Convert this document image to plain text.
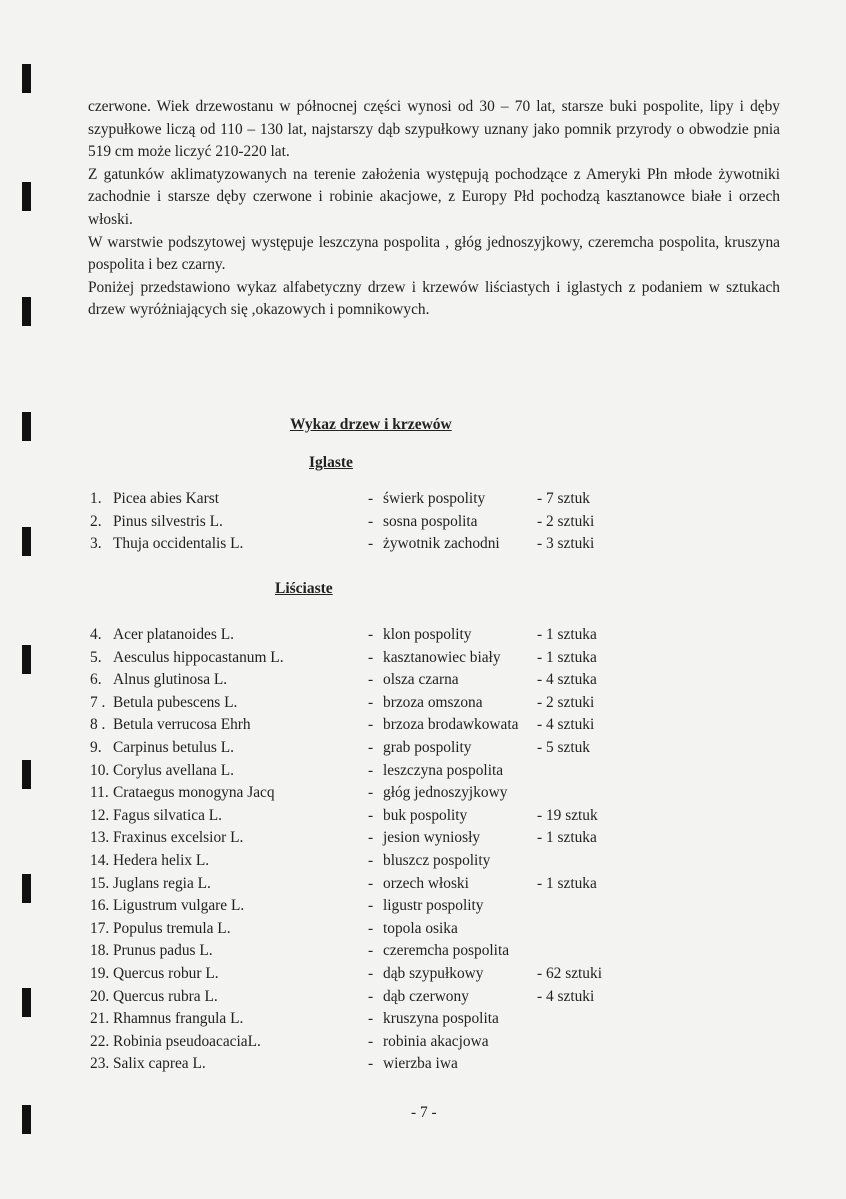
czerwone. Wiek drzewostanu w północnej części wynosi od 30 – 70 lat, starsze buki pospolite, lipy i dęby szypułkowe liczą od 110 – 130 lat, najstarszy dąb szypułkowy uznany jako pomnik przyrody o obwodzie pnia 519 cm może liczyć 210-220 lat.

Z gatunków aklimatyzowanych na terenie założenia występują pochodzące z Ameryki Płn młode żywotniki zachodnie i starsze dęby czerwone i robinie akacjowe, z Europy Płd pochodzą kasztanowce białe i orzech włoski.

W warstwie podszytowej występuje leszczyna pospolita , głóg jednoszyjkowy, czeremcha pospolita, kruszyna pospolita i bez czarny.

Poniżej przedstawiono wykaz alfabetyczny drzew i krzewów liściastych i iglastych z podaniem w sztukach drzew wyróżniających się ,okazowych i pomnikowych.

Wykaz drzew i krzewów
Iglaste
Liściaste
1. Picea abies Karst	- świerk pospolity	- 7 sztuk
2. Pinus silvestris L.	- sosna pospolita	- 2 sztuki
3. Thuja occidentalis L.	- żywotnik zachodni - 3 sztuki
4. Acer platanoides L.	- klon pospolity	- 1 sztuka
5. Aesculus hippocastanum L.	- kasztanowiec biały - 1 sztuka
6. Alnus glutinosa L.	- olsza czarna	- 4 sztuka
7 . Betula pubescens L.	- brzoza omszona	- 2 sztuki
8 . Betula verrucosa Ehrh	- brzoza brodawkowata - 4 sztuki
9. Carpinus betulus L.	- grab pospolity	- 5 sztuk
10. Corylus avellana L.	- leszczyna pospolita
11. Crataegus monogyna Jacq	- głóg jednoszyjkowy
12. Fagus silvatica L.	- buk pospolity	- 19 sztuk
13. Fraxinus excelsior L.	- jesion wyniosły	- 1 sztuka
14. Hedera helix L.	- bluszcz pospolity
15. Juglans regia L.	- orzech włoski	- 1 sztuka
16. Ligustrum vulgare L.	- ligustr pospolity
17. Populus tremula L.	- topola osika
18. Prunus padus L.	- czeremcha pospolita
19. Quercus robur L.	- dąb szypułkowy	- 62 sztuki
20. Quercus rubra L.	- dąb czerwony	- 4 sztuki
21. Rhamnus frangula L.	- kruszyna pospolita
22. Robinia pseudoacaciaL.	- robinia akacjowa
23. Salix caprea L.	- wierzba iwa
- 7 -
